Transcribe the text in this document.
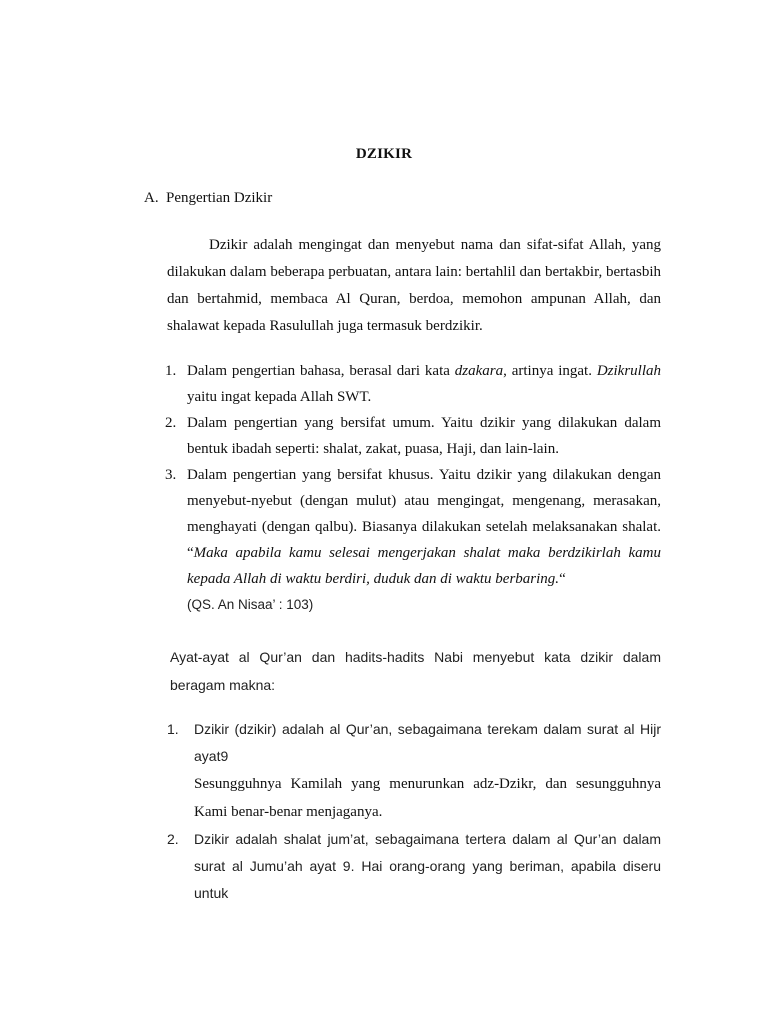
DZIKIR
A. Pengertian Dzikir

Dzikir adalah mengingat dan menyebut nama dan sifat-sifat Allah, yang dilakukan dalam beberapa perbuatan, antara lain: bertahlil dan bertakbir, bertasbih dan bertahmid, membaca Al Quran, berdoa, memohon ampunan Allah, dan shalawat kepada Rasulullah juga termasuk berdzikir.

1. Dalam pengertian bahasa, berasal dari kata dzakara, artinya ingat. Dzikrullah yaitu ingat kepada Allah SWT.
2. Dalam pengertian yang bersifat umum. Yaitu dzikir yang dilakukan dalam bentuk ibadah seperti: shalat, zakat, puasa, Haji, dan lain-lain.
3. Dalam pengertian yang bersifat khusus. Yaitu dzikir yang dilakukan dengan menyebut-nyebut (dengan mulut) atau mengingat, mengenang, merasakan, menghayati (dengan qalbu). Biasanya dilakukan setelah melaksanakan shalat. “Maka apabila kamu selesai mengerjakan shalat maka berdzikirlah kamu kepada Allah di waktu berdiri, duduk dan di waktu berbaring.“
(QS. An Nisaa’ : 103)

Ayat-ayat al Qur’an dan hadits-hadits Nabi menyebut kata dzikir dalam beragam makna:

1. Dzikir (dzikir) adalah al Qur’an, sebagaimana terekam dalam surat al Hijr ayat9
Sesungguhnya Kamilah yang menurunkan adz-Dzikr, dan sesungguhnya Kami benar-benar menjaganya.
2. Dzikir adalah shalat jum’at, sebagaimana tertera dalam al Qur’an dalam surat al Jumu’ah ayat 9. Hai orang-orang yang beriman, apabila diseru untuk
